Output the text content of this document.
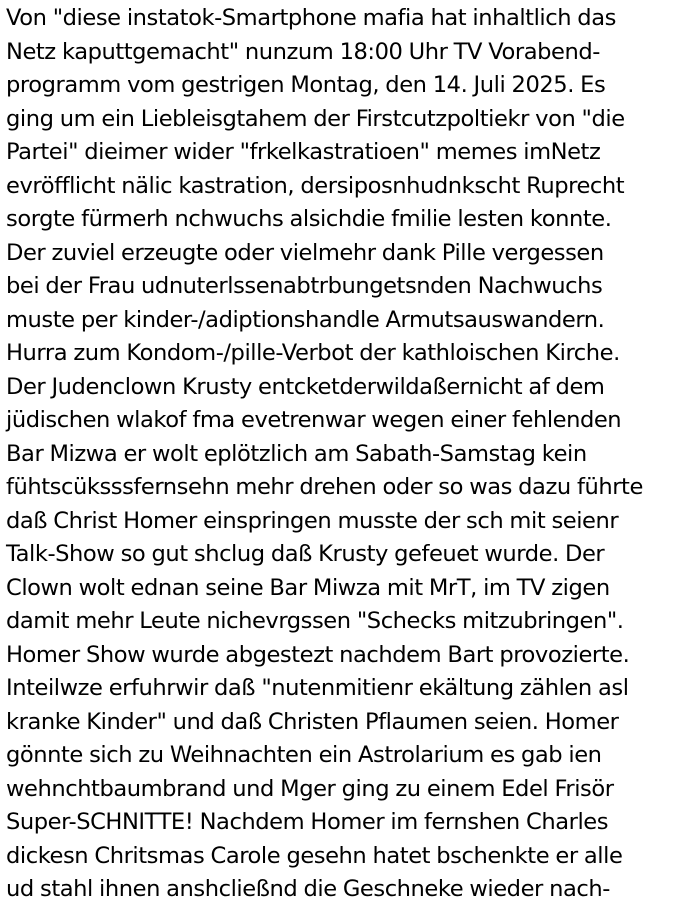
Von "diese instatok-Smartphone mafia hat inhaltlich das
Netz kaputtgemacht" nunzum 18:00 Uhr TV Vorabend-
programm vom gestrigen Montag, den 14. Juli 2025. Es
ging um ein Liebleisgtahem der Firstcutzpoltiekr von "die
Partei" dieimer wider "frkelkastratioen" memes imNetz
evröfflicht nälic kastration, dersiposnhudnkscht Ruprecht
sorgte fürmerh nchwuchs alsichdie fmilie lesten konnte.
Der zuviel erzeugte oder vielmehr dank Pille vergessen
bei der Frau udnuterlssenabtrbungetsnden Nachwuchs
muste per kinder-/adiptionshandle Armutsauswandern.
Hurra zum Kondom-/pille-Verbot der kathloischen Kirche.
Der Judenclown Krusty entcketderwildaßernicht af dem
jüdischen wlakof fma evetrenwar wegen einer fehlenden
Bar Mizwa er wolt eplötzlich am Sabath-Samstag kein
fühtscüksssfernsehn mehr drehen oder so was dazu führte
daß Christ Homer einspringen musste der sch mit seienr
Talk-Show so gut shclug daß Krusty gefeuet wurde. Der
Clown wolt ednan seine Bar Miwza mit MrT, im TV zigen
damit mehr Leute nichevrgssen "Schecks mitzubringen".
Homer Show wurde abgestezt nachdem Bart provozierte.
Inteilwze erfuhrwir daß "nutenmitienr ekältung zählen asl
kranke Kinder" und daß Christen Pflaumen seien. Homer
gönnte sich zu Weihnachten ein Astrolarium es gab ien
wehnchtbaumbrand und Mger ging zu einem Edel Frisör
Super-SCHNITTE! Nachdem Homer im fernshen Charles
dickesn Chritsmas Carole gesehn hatet bschenkte er alle
ud stahl ihnen anshcließnd die Geschneke wieder nach-
